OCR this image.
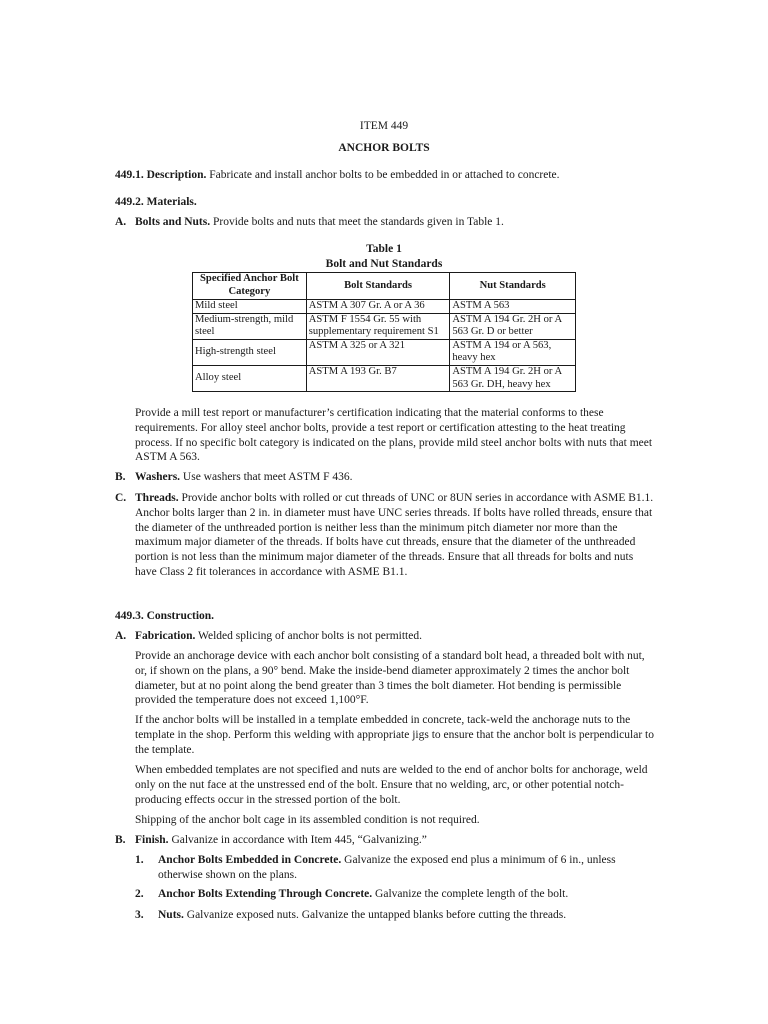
ITEM 449
ANCHOR BOLTS
449.1. Description. Fabricate and install anchor bolts to be embedded in or attached to concrete.
449.2. Materials.
A. Bolts and Nuts. Provide bolts and nuts that meet the standards given in Table 1.
Table 1
Bolt and Nut Standards
Specified Anchor Bolt Category	Bolt Standards	Nut Standards
Mild steel	ASTM A 307 Gr. A or A 36	ASTM A 563
Medium-strength, mild steel	ASTM F 1554 Gr. 55 with supplementary requirement S1	ASTM A 194 Gr. 2H or A 563 Gr. D or better
High-strength steel	ASTM A 325 or A 321	ASTM A 194 or A 563, heavy hex
Alloy steel	ASTM A 193 Gr. B7	ASTM A 194 Gr. 2H or A 563 Gr. DH, heavy hex
Provide a mill test report or manufacturer’s certification indicating that the material conforms to these requirements. For alloy steel anchor bolts, provide a test report or certification attesting to the heat treating process. If no specific bolt category is indicated on the plans, provide mild steel anchor bolts with nuts that meet ASTM A 563.
B. Washers. Use washers that meet ASTM F 436.
C. Threads. Provide anchor bolts with rolled or cut threads of UNC or 8UN series in accordance with ASME B1.1. Anchor bolts larger than 2 in. in diameter must have UNC series threads. If bolts have rolled threads, ensure that the diameter of the unthreaded portion is neither less than the minimum pitch diameter nor more than the maximum major diameter of the threads. If bolts have cut threads, ensure that the diameter of the unthreaded portion is not less than the minimum major diameter of the threads. Ensure that all threads for bolts and nuts have Class 2 fit tolerances in accordance with ASME B1.1.
449.3. Construction.
A. Fabrication. Welded splicing of anchor bolts is not permitted.
Provide an anchorage device with each anchor bolt consisting of a standard bolt head, a threaded bolt with nut, or, if shown on the plans, a 90° bend. Make the inside-bend diameter approximately 2 times the anchor bolt diameter, but at no point along the bend greater than 3 times the bolt diameter. Hot bending is permissible provided the temperature does not exceed 1,100°F.
If the anchor bolts will be installed in a template embedded in concrete, tack-weld the anchorage nuts to the template in the shop. Perform this welding with appropriate jigs to ensure that the anchor bolt is perpendicular to the template.
When embedded templates are not specified and nuts are welded to the end of anchor bolts for anchorage, weld only on the nut face at the unstressed end of the bolt. Ensure that no welding, arc, or other potential notch-producing effects occur in the stressed portion of the bolt.
Shipping of the anchor bolt cage in its assembled condition is not required.
B. Finish. Galvanize in accordance with Item 445, “Galvanizing.”
1. Anchor Bolts Embedded in Concrete. Galvanize the exposed end plus a minimum of 6 in., unless otherwise shown on the plans.
2. Anchor Bolts Extending Through Concrete. Galvanize the complete length of the bolt.
3. Nuts. Galvanize exposed nuts. Galvanize the untapped blanks before cutting the threads.
